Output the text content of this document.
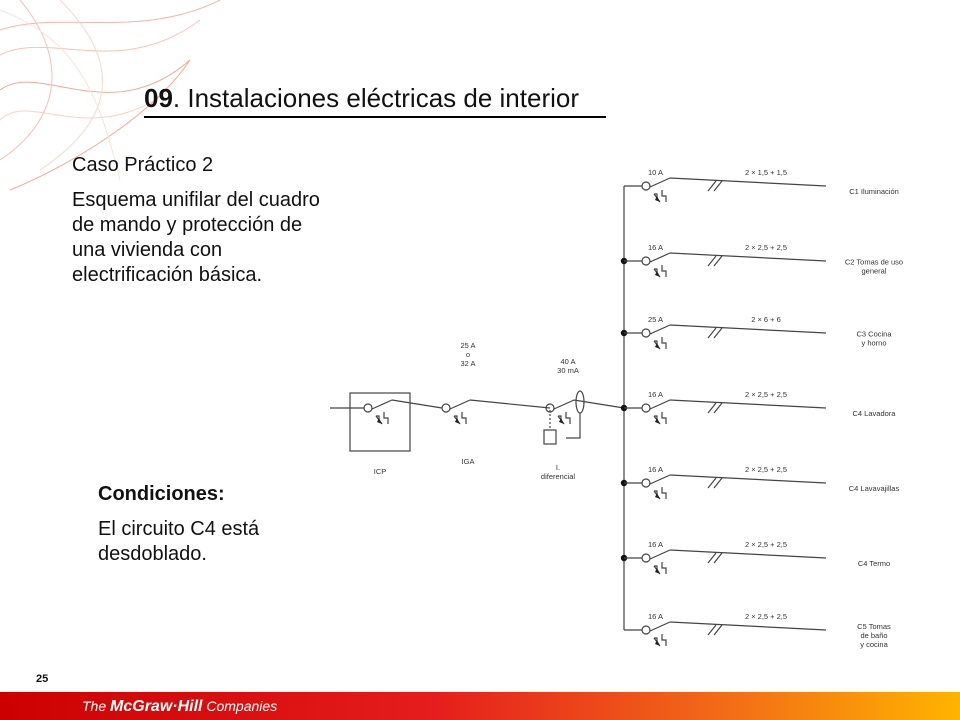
09. Instalaciones eléctricas de interior

Caso Práctico 2

Esquema unifilar del cuadro de mando y protección de una vivienda con electrificación básica.

Condiciones:

El circuito C4 está desdoblado.

ICP
25 A
o
32 A
IGA
40 A
30 mA
I.
diferencial
10 A	2 × 1,5 + 1,5
C1 Iluminación
16 A	2 × 2,5 + 2,5
C2 Tomas de uso
general
25 A	2 × 6 + 6
C3 Cocina
y horno
16 A	2 × 2,5 + 2,5
C4 Lavadora
16 A	2 × 2,5 + 2,5
C4 Lavavajillas
16 A	2 × 2,5 + 2,5
C4 Termo
16 A	2 × 2,5 + 2,5
C5 Tomas
de baño
y cocina
25
The McGraw·Hill Companies
